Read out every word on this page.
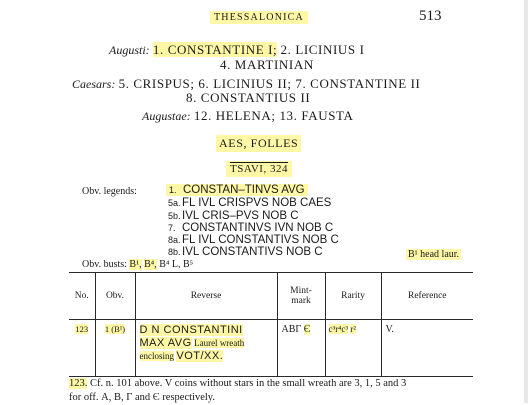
THESSALONICA	513
Augusti: 1. CONSTANTINE I; 2. LICINIUS I
4. MARTINIAN
Caesars: 5. CRISPUS; 6. LICINIUS II; 7. CONSTANTINE II
8. CONSTANTIUS II
Augustae: 12. HELENA; 13. FAUSTA
AES, FOLLES
TSAVI, 324
Obv. legends:	1. CONSTAN–TINVS AVG
5a.FL IVL CRISPVS NOB CAES
5b.IVL CRIS–PVS NOB C
7. CONSTANTINVS IVN NOB C
8a.FL IVL CONSTANTIVS NOB C
8b.IVL CONSTANTIVS NOB C
Obv. busts: B¹, B⁴, B⁴ L, B⁵
B¹ head laur.
No.	Obv.	Reverse	Mint-
mark	Rarity	Reference
123	1 (B¹)	D N CONSTANTINI
MAX AVG Laurel wreath
enclosing VOT/XX.	ΑΒΓ Є	c³r⁴c³ r²	V.
123. Cf. n. 101 above. V coins without stars in the small wreath are 3, 1, 5 and 3
for off. Α, Β, Γ and Є respectively.
